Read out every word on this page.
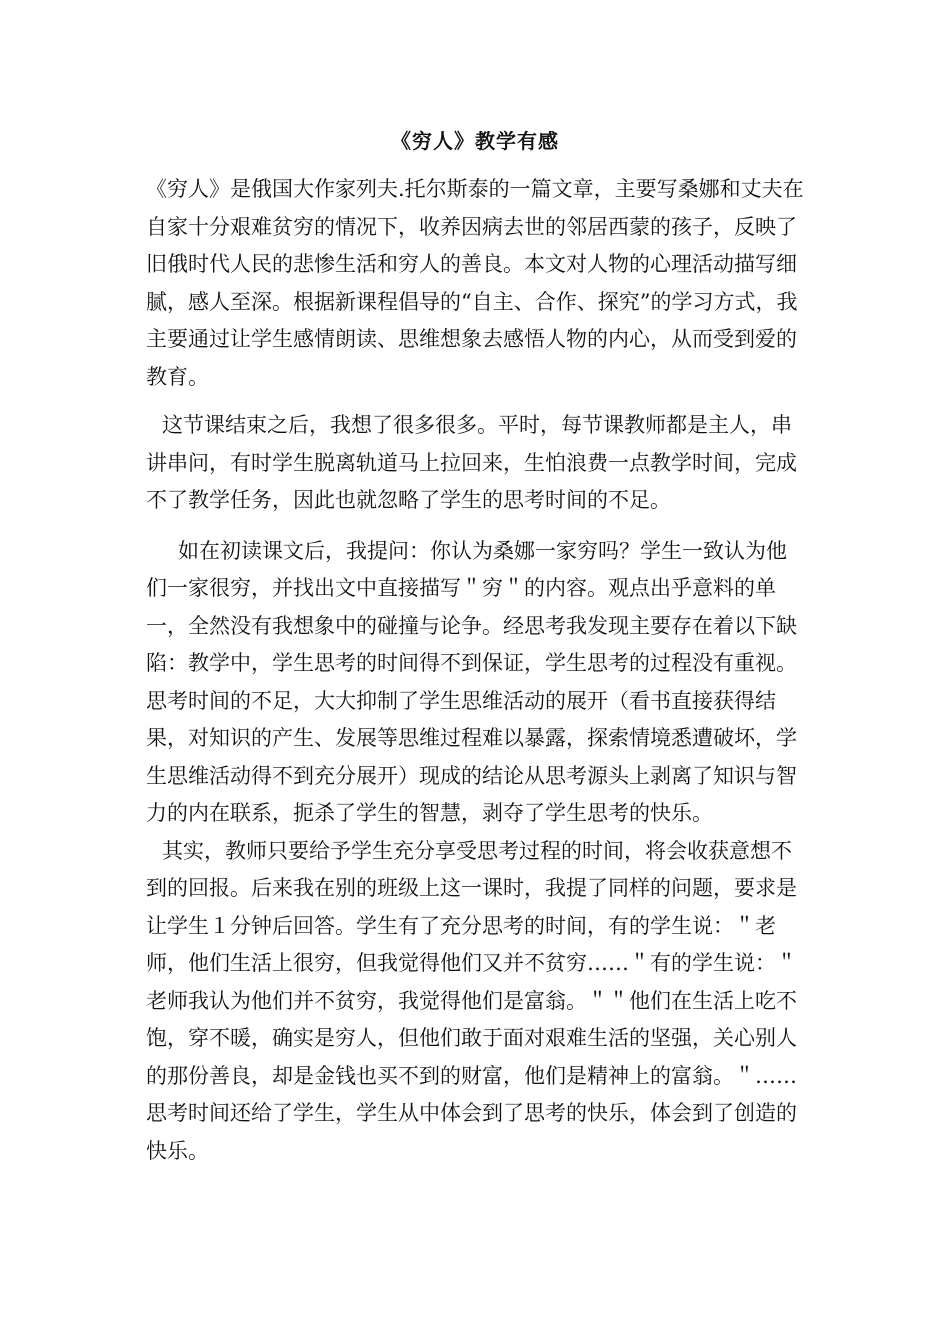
《穷人》教学有感

《穷人》是俄国大作家列夫.托尔斯泰的一篇文章，主要写桑娜和丈夫在自家十分艰难贫穷的情况下，收养因病去世的邻居西蒙的孩子，反映了旧俄时代人民的悲惨生活和穷人的善良。本文对人物的心理活动描写细腻，感人至深。根据新课程倡导的“自主、合作、探究”的学习方式，我主要通过让学生感情朗读、思维想象去感悟人物的内心，从而受到爱的教育。

这节课结束之后，我想了很多很多。平时，每节课教师都是主人，串讲串问，有时学生脱离轨道马上拉回来，生怕浪费一点教学时间，完成不了教学任务，因此也就忽略了学生的思考时间的不足。

如在初读课文后，我提问：你认为桑娜一家穷吗？学生一致认为他们一家很穷，并找出文中直接描写＂穷＂的内容。观点出乎意料的单一，全然没有我想象中的碰撞与论争。经思考我发现主要存在着以下缺陷：教学中，学生思考的时间得不到保证，学生思考的过程没有重视。思考时间的不足，大大抑制了学生思维活动的展开（看书直接获得结果，对知识的产生、发展等思维过程难以暴露，探索情境悉遭破坏，学生思维活动得不到充分展开）现成的结论从思考源头上剥离了知识与智力的内在联系，扼杀了学生的智慧，剥夺了学生思考的快乐。

其实，教师只要给予学生充分享受思考过程的时间，将会收获意想不到的回报。后来我在别的班级上这一课时，我提了同样的问题，要求是让学生１分钟后回答。学生有了充分思考的时间，有的学生说：＂老师，他们生活上很穷，但我觉得他们又并不贫穷……＂有的学生说：＂老师我认为他们并不贫穷，我觉得他们是富翁。＂＂他们在生活上吃不饱，穿不暖，确实是穷人，但他们敢于面对艰难生活的坚强，关心别人的那份善良，却是金钱也买不到的财富，他们是精神上的富翁。＂……思考时间还给了学生，学生从中体会到了思考的快乐，体会到了创造的快乐。
